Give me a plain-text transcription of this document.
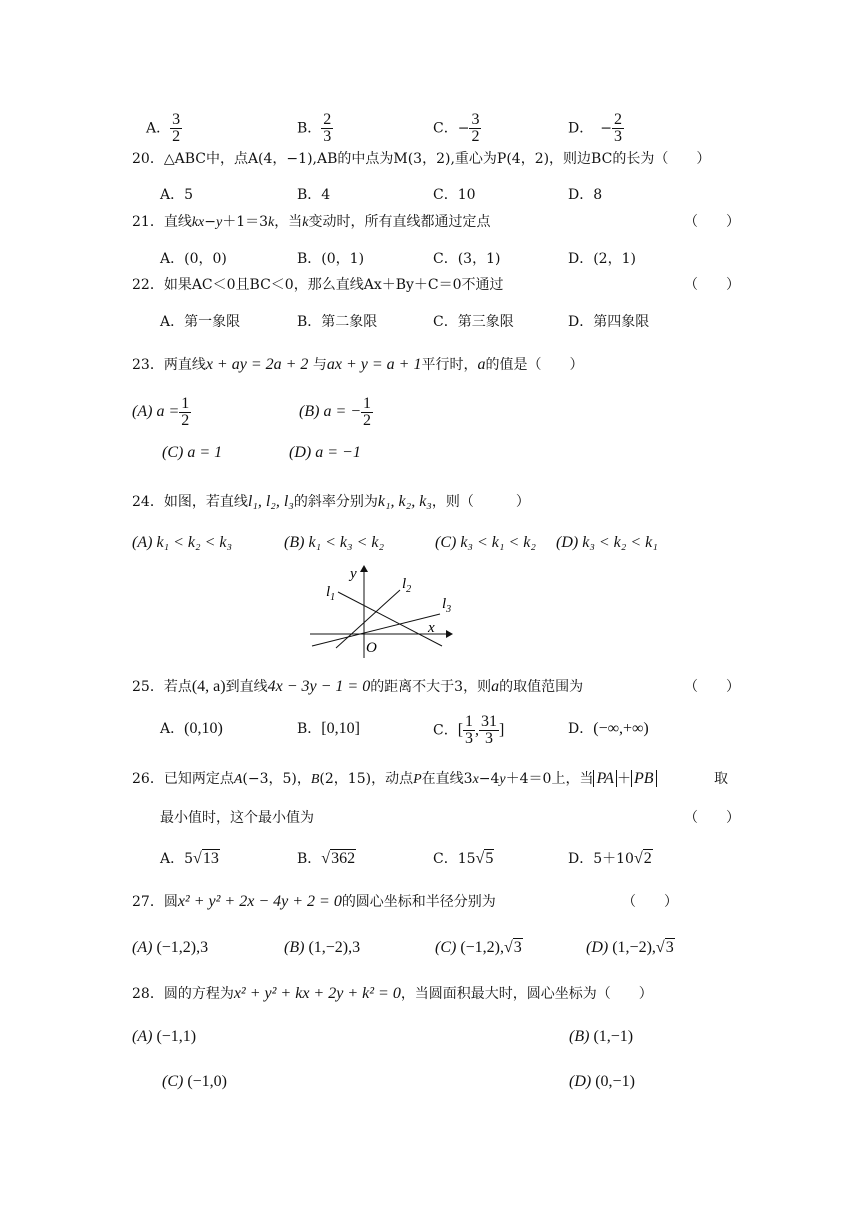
A． $\frac{3}{2}$	B． $\frac{2}{3}$	C．− $\frac{3}{2}$	D．　− $\frac{2}{3}$
20．△ABC中，点A(4，−1),AB的中点为M(3，2),重心为P(4，2)，则边BC的长为（　　）
A．5	B．4	C．10	D．8
21．直线kx−y＋1＝3k，当k变动时，所有直线都通过定点	（　　）
A．(0，0)	B．(0，1)	C．(3，1)	D．(2，1)
22．如果AC＜0且BC＜0，那么直线Ax＋By＋C＝0不通过	（　　）
A．第一象限	B．第二象限	C．第三象限	D．第四象限
23．两直线x + ay = 2a + 2 与ax + y = a + 1平行时，a的值是（　　）
(A) $a = \frac{1}{2}$	(B) a = − $\frac{1}{2}$
(C) a = 1	(D) a = −1
24．如图，若直线l₁, l₂, l₃的斜率分别为k₁, k₂, k₃，则（　　　）
(A) k₁ < k₂ < k₃	(B) k₁ < k₃ < k₂	(C) k₃ < k₁ < k₂ (D) k₃ < k₂ < k₁
$l_1$
$l_2$
$l_3$
x
y
O
25．若点(4, a)到直线4x − 3y − 1 = 0的距离不大于3，则a的取值范围为	（　　）
A．(0,10)	B．[0,10]	C．[ $\frac{1}{3}$ , $\frac{31}{3}$ ]	D．(−∞,+∞)
26．已知两定点A(−3，5)，B(2，15)，动点P在直线3x−4y＋4＝0上，当 PA ＋ PB	取
最小值时，这个最小值为	（　　）
A．5√13	B．√362	C．15√5	D．5＋10√2
27．圆x² + y² + 2x − 4y + 2 = 0的圆心坐标和半径分别为	（　　）
(A) (−1,2),3	(B) (1,−2),3	(C) (−1,2),√3	(D) (1,−2),√3
28．圆的方程为x² + y² + kx + 2y + k² = 0，当圆面积最大时，圆心坐标为（　　）
(A) (−1,1)	(B) (1,−1)
(C) (−1,0)	(D) (0,−1)
